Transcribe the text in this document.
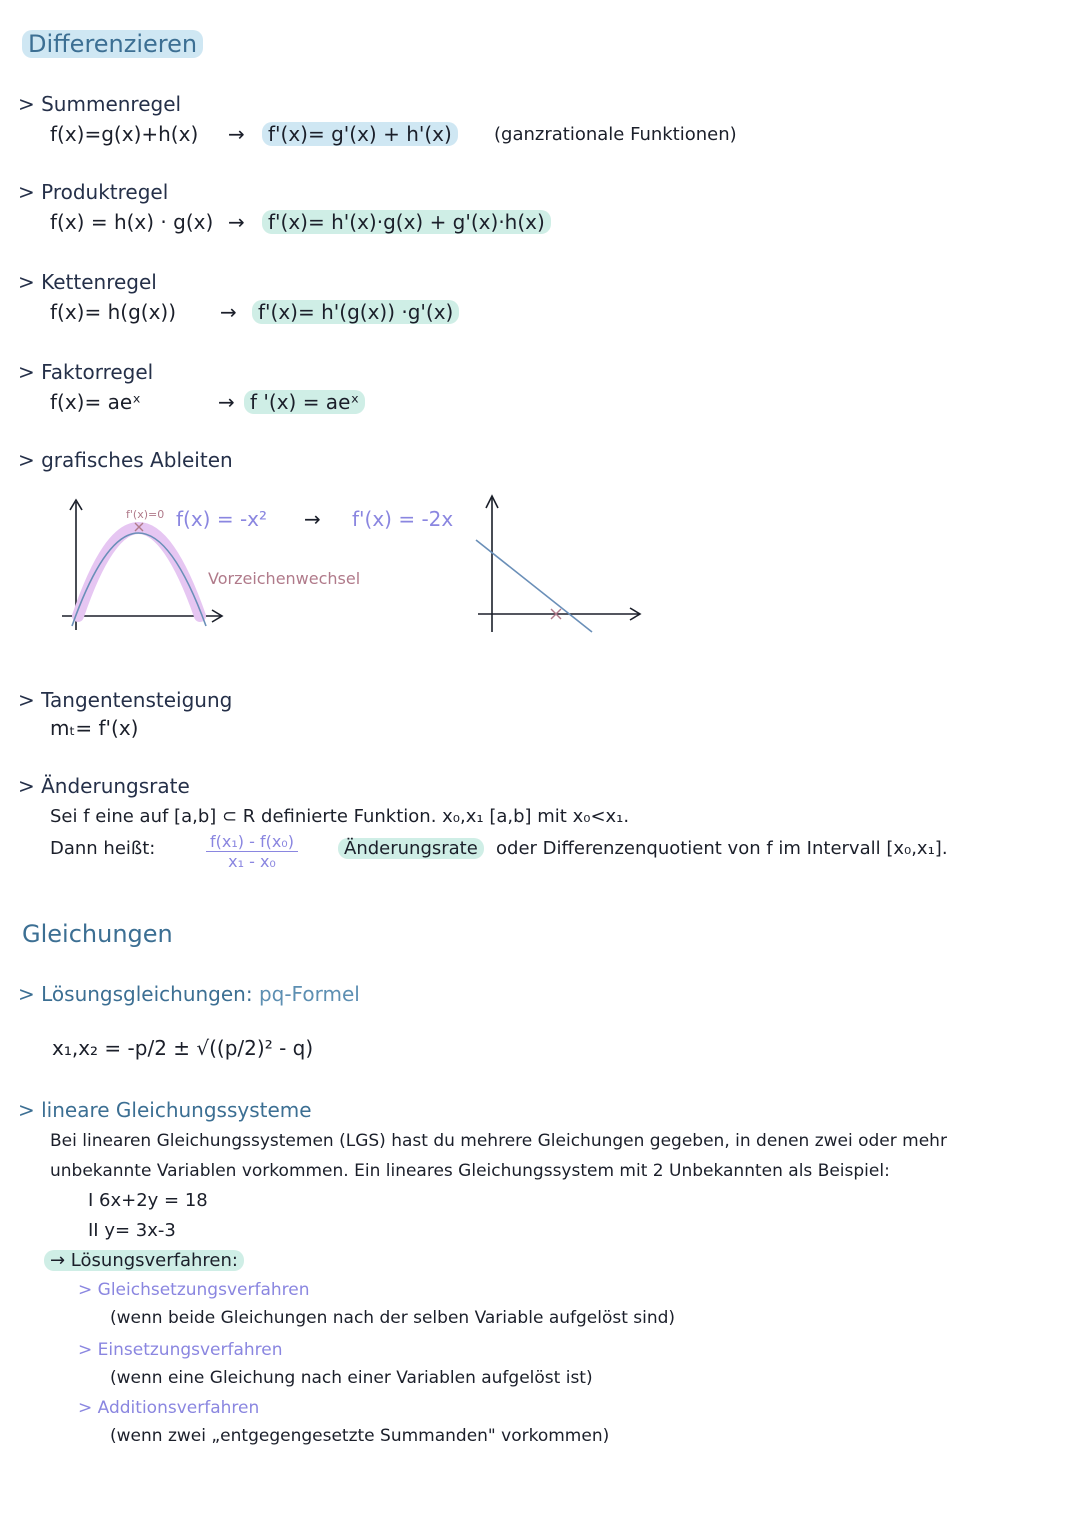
Differenzieren
> Summenregel
f(x)=g(x)+h(x) →	f'(x)= g'(x) + h'(x)	(ganzrationale Funktionen)
> Produktregel
f(x) = h(x) · g(x) →	f'(x)= h'(x)·g(x) + g'(x)·h(x)
> Kettenregel
f(x)= h(g(x)) →	f'(x)= h'(g(x)) ·g'(x)
> Faktorregel
f(x)= aeˣ	→ f '(x) = aeˣ
> grafisches Ableiten
f'(x)=0 f(x) = -x² → f'(x) = -2x
Vorzeichenwechsel
> Tangentensteigung
mₜ= f'(x)
> Änderungsrate
Sei f eine auf [a,b] ⊂ R definierte Funktion. x₀,x₁ [a,b] mit x₀<x₁.
Dann heißt:	$\frac{\text{f(x₁) - f(x₀)}}{\text{x₁ - x₀}}$	Änderungsrate	oder Differenzenquotient von f im Intervall [x₀,x₁].
Gleichungen
> Lösungsgleichungen: pq-Formel
x₁,x₂ = -p/2 ± √((p/2)² - q)
> lineare Gleichungssysteme
Bei linearen Gleichungssystemen (LGS) hast du mehrere Gleichungen gegeben, in denen zwei oder mehr unbekannte Variablen vorkommen. Ein lineares Gleichungssystem mit 2 Unbekannten als Beispiel:
I 6x+2y = 18
II y= 3x-3
→ Lösungsverfahren:
> Gleichsetzungsverfahren
(wenn beide Gleichungen nach der selben Variable aufgelöst sind)
> Einsetzungsverfahren
(wenn eine Gleichung nach einer Variablen aufgelöst ist)
> Additionsverfahren
(wenn zwei „entgegengesetzte Summanden" vorkommen)
